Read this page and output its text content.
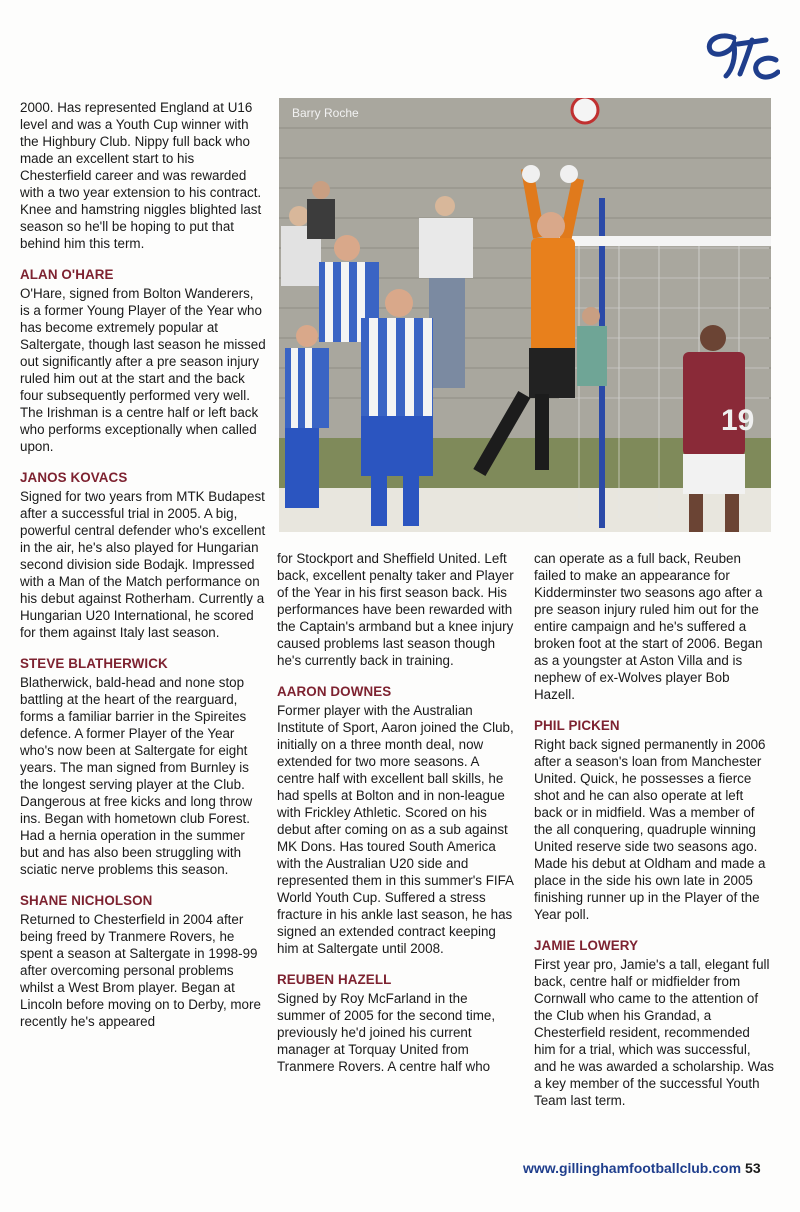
2000. Has represented England at U16 level and was a Youth Cup winner with the Highbury Club. Nippy full back who made an excellent start to his Chesterfield career and was rewarded with a two year extension to his contract. Knee and hamstring niggles blighted last season so he'll be hoping to put that behind him this term.

ALAN O'HARE

O'Hare, signed from Bolton Wanderers, is a former Young Player of the Year who has become extremely popular at Saltergate, though last season he missed out significantly after a pre season injury ruled him out at the start and the back four subsequently performed very well. The Irishman is a centre half or left back who performs exceptionally when called upon.

JANOS KOVACS

Signed for two years from MTK Budapest after a successful trial in 2005. A big, powerful central defender who's excellent in the air, he's also played for Hungarian second division side Bodajk. Impressed with a Man of the Match performance on his debut against Rotherham. Currently a Hungarian U20 International, he scored for them against Italy last season.

STEVE BLATHERWICK

Blatherwick, bald-head and none stop battling at the heart of the rearguard, forms a familiar barrier in the Spireites defence. A former Player of the Year who's now been at Saltergate for eight years. The man signed from Burnley is the longest serving player at the Club. Dangerous at free kicks and long throw ins. Began with hometown club Forest. Had a hernia operation in the summer but and has also been struggling with sciatic nerve problems this season.

SHANE NICHOLSON

Returned to Chesterfield in 2004 after being freed by Tranmere Rovers, he spent a season at Saltergate in 1998-99 after overcoming personal problems whilst a West Brom player. Began at Lincoln before moving on to Derby, more recently he's appeared

19
Barry Roche

for Stockport and Sheffield United. Left back, excellent penalty taker and Player of the Year in his first season back. His performances have been rewarded with the Captain's armband but a knee injury caused problems last season though he's currently back in training.

AARON DOWNES

Former player with the Australian Institute of Sport, Aaron joined the Club, initially on a three month deal, now extended for two more seasons. A centre half with excellent ball skills, he had spells at Bolton and in non-league with Frickley Athletic. Scored on his debut after coming on as a sub against MK Dons. Has toured South America with the Australian U20 side and represented them in this summer's FIFA World Youth Cup. Suffered a stress fracture in his ankle last season, he has signed an extended contract keeping him at Saltergate until 2008.

REUBEN HAZELL

Signed by Roy McFarland in the summer of 2005 for the second time, previously he'd joined his current manager at Torquay United from Tranmere Rovers. A centre half who

can operate as a full back, Reuben failed to make an appearance for Kidderminster two seasons ago after a pre season injury ruled him out for the entire campaign and he's suffered a broken foot at the start of 2006. Began as a youngster at Aston Villa and is nephew of ex-Wolves player Bob Hazell.

PHIL PICKEN

Right back signed permanently in 2006 after a season's loan from Manchester United. Quick, he possesses a fierce shot and he can also operate at left back or in midfield. Was a member of the all conquering, quadruple winning United reserve side two seasons ago. Made his debut at Oldham and made a place in the side his own late in 2005 finishing runner up in the Player of the Year poll.

JAMIE LOWERY

First year pro, Jamie's a tall, elegant full back, centre half or midfielder from Cornwall who came to the attention of the Club when his Grandad, a Chesterfield resident, recommended him for a trial, which was successful, and he was awarded a scholarship. Was a key member of the successful Youth Team last term.

www.gillinghamfootballclub.com 53
